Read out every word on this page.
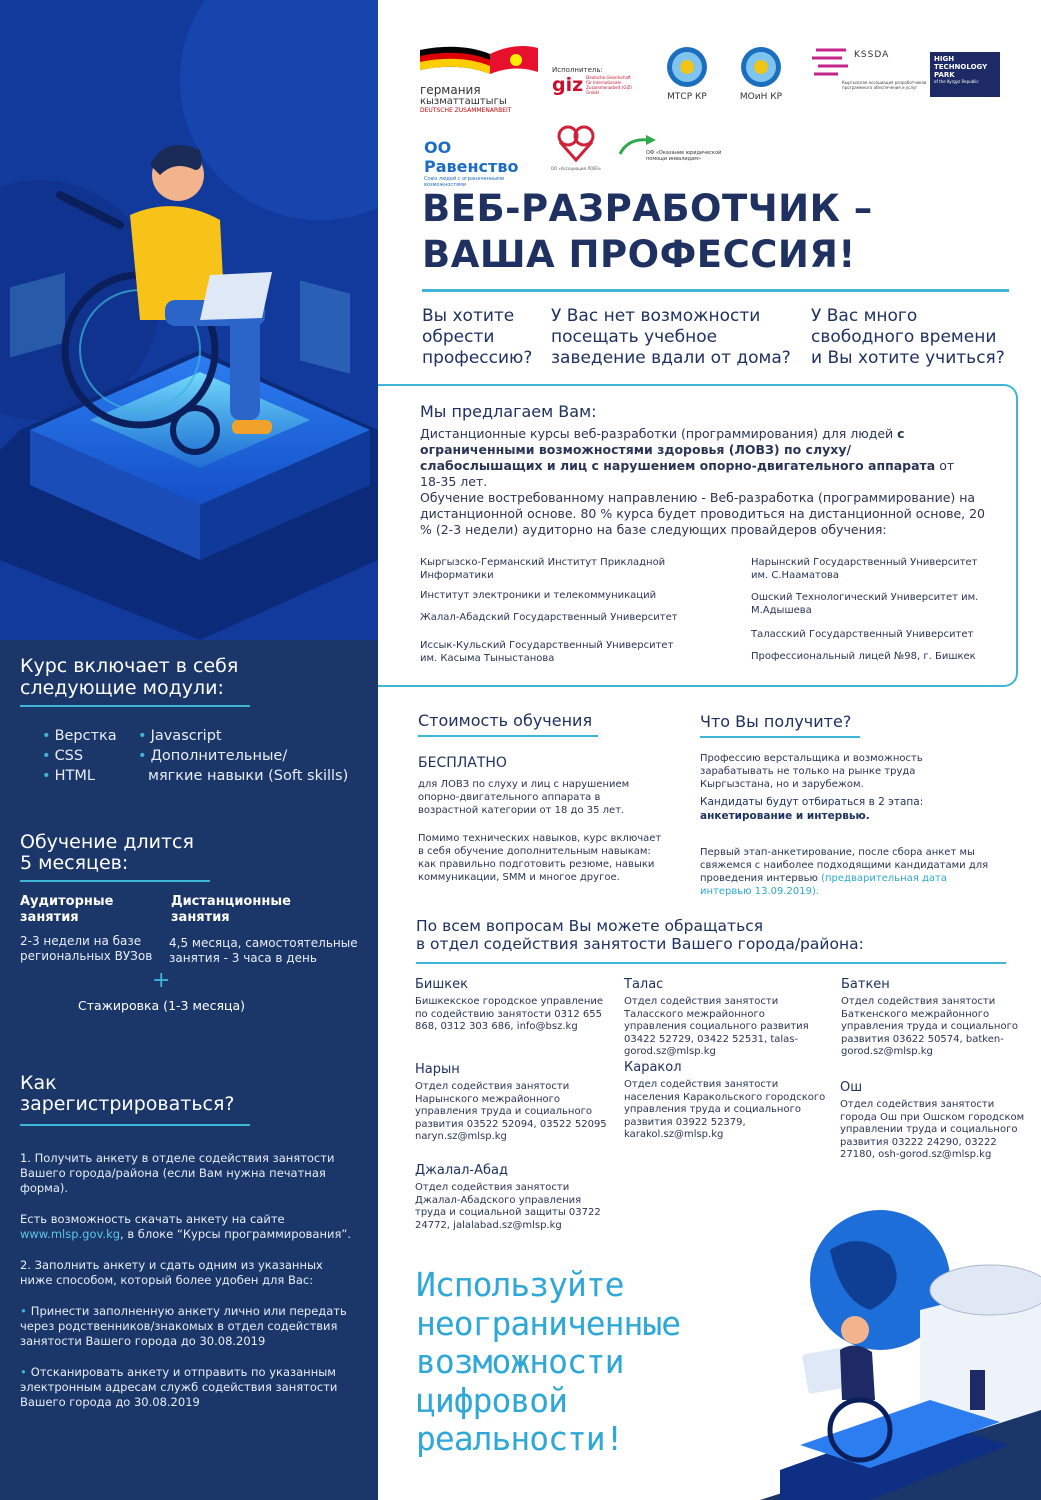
Курс включает в себя
следующие модули:
• Верстка
• CSS
• HTML
• Javascript
• Дополнительные/
мягкие навыки (Soft skills)
Обучение длится
5 месяцев:
Аудиторные
занятия
2-3 недели на базе региональных ВУЗов
Дистанционные
занятия
4,5 месяца, самостоятельные занятия - 3 часа в день
+
Стажировка (1-3 месяца)
Как
зарегистрироваться?
1. Получить анкету в отделе содействия занятости Вашего города/района (если Вам нужна печатная форма).
Есть возможность скачать анкету на сайте www.mlsp.gov.kg, в блоке “Курсы программирования”.
2. Заполнить анкету и сдать одним из указанных ниже способом, который более удобен для Вас:
• Принести заполненную анкету лично или передать через родственников/знакомых в отдел содействия занятости Вашего города до 30.08.2019
• Отсканировать анкету и отправить по указанным электронным адресам служб содействия занятости Вашего города до 30.08.2019
германия
кызматташтыгы
DEUTSCHE ZUSAMMENARBEIT
Исполнитель:
giz Deutsche Gesellschaft für Internationale Zusammenarbeit (GIZ) GmbH	МТСР КР	МОиН КР
KSSDA
Кыргызская ассоциация разработчиков программного обеспечения и услуг
HIGH
TECHNOLOGY
PARK
of the Kyrgyz Republic
ОО Равенство
Союз людей с ограниченными возможностями
ОО «Ассоциация ЛОВЗ»
ОФ «Оказание юридической помощи инвалидам»
ВЕБ-РАЗРАБОТЧИК –
ВАША ПРОФЕССИЯ!
Вы хотите обрести профессию?
У Вас нет возможности посещать учебное заведение вдали от дома?
У Вас много свободного времени и Вы хотите учиться?
Мы предлагаем Вам:
Дистанционные курсы веб-разработки (программирования) для людей с ограниченными возможностями здоровья (ЛОВЗ) по слуху/слабослышащих и лиц с нарушением опорно-двигательного аппарата от 18-35 лет.
Обучение востребованному направлению - Веб-разработка (программирование) на дистанционной основе. 80 % курса будет проводиться на дистанционной основе, 20 % (2-3 недели) аудиторно на базе следующих провайдеров обучения:
Кыргызско-Германский Институт Прикладной Информатики
Институт электроники и телекоммуникаций
Жалал-Абадский Государственный Университет
Иссык-Кульский Государственный Университет им. Касыма Тыныстанова
Нарынский Государственный Университет им. С.Нааматова
Ошский Технологический Университет им. М.Адышева
Таласский Государственный Университет
Профессиональный лицей №98, г. Бишкек
Стоимость обучения
БЕСПЛАТНО
для ЛОВЗ по слуху и лиц с нарушением опорно-двигательного аппарата в возрастной категории от 18 до 35 лет.
Помимо технических навыков, курс включает в себя обучение дополнительным навыкам: как правильно подготовить резюме, навыки коммуникации, SMM и многое другое.
Что Вы получите?
Профессию верстальщика и возможность зарабатывать не только на рынке труда Кыргызстана, но и зарубежом.
Кандидаты будут отбираться в 2 этапа:
анкетирование и интервью.
Первый этап-анкетирование, после сбора анкет мы свяжемся с наиболее подходящими кандидатами для проведения интервью (предварительная дата интервью 13.09.2019).
По всем вопросам Вы можете обращаться
в отдел содействия занятости Вашего города/района:
Бишкек
Бишкекское городское управление по содействию занятости 0312 655 868, 0312 303 686, info@bsz.kg
Талас
Отдел содействия занятости Таласского межрайонного управления социального развития 03422 52729, 03422 52531, talas-gorod.sz@mlsp.kg
Баткен
Отдел содействия занятости Баткенского межрайонного управления труда и социального развития 03622 50574, batken-gorod.sz@mlsp.kg
Нарын
Отдел содействия занятости Нарынского межрайонного управления труда и социального развития 03522 52094, 03522 52095 naryn.sz@mlsp.kg
Каракол
Отдел содействия занятости населения Каракольского городского управления труда и социального развития 03922 52379, karakol.sz@mlsp.kg
Ош
Отдел содействия занятости города Ош при Ошском городском управлении труда и социального развития 03222 24290, 03222 27180, osh-gorod.sz@mlsp.kg
Джалал-Абад
Отдел содействия занятости Джалал-Абадского управления труда и социальной защиты 03722 24772, jalalabad.sz@mlsp.kg
Используйте
неограниченные
возможности
цифровой
реальности!
